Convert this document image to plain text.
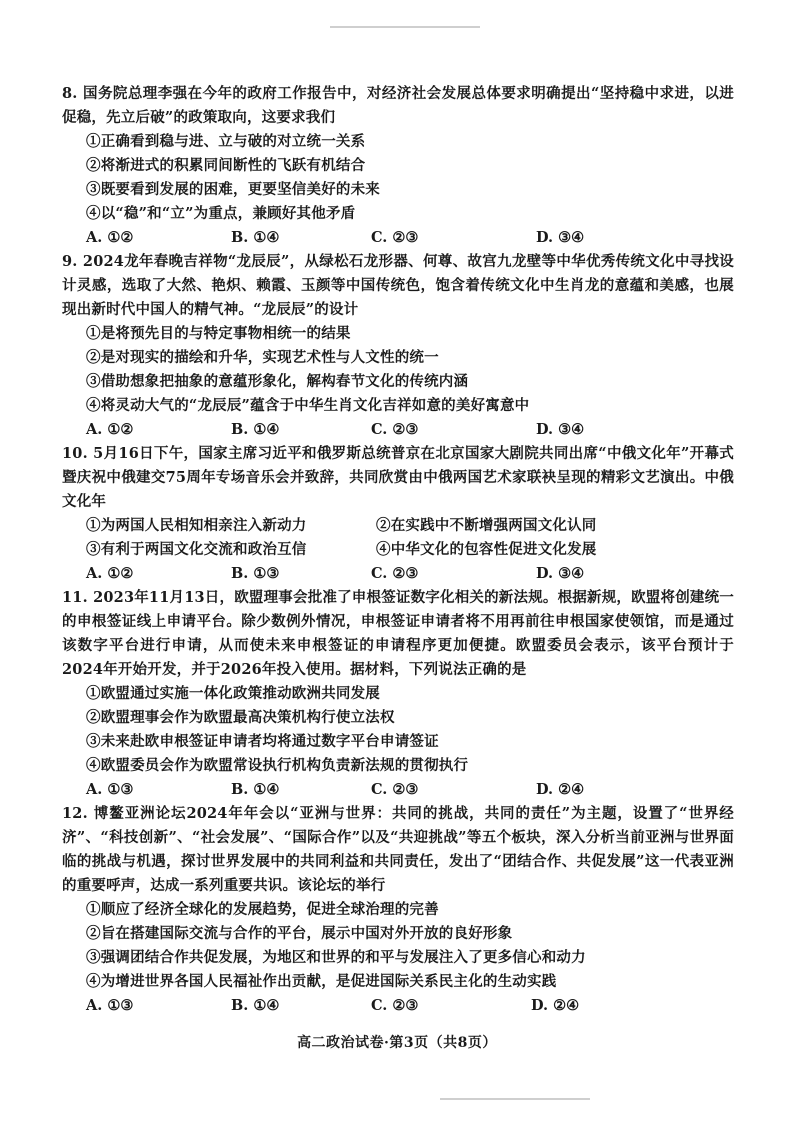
8. 国务院总理李强在今年的政府工作报告中，对经济社会发展总体要求明确提出“坚持稳中求进，以进促稳，先立后破”的政策取向，这要求我们

①正确看到稳与进、立与破的对立统一关系

②将渐进式的积累同间断性的飞跃有机结合

③既要看到发展的困难，更要坚信美好的未来

④以“稳”和“立”为重点，兼顾好其他矛盾

A. ①②	B. ①④	C. ②③	D. ③④

9. 2024龙年春晚吉祥物“龙辰辰”，从绿松石龙形器、何尊、故宫九龙壁等中华优秀传统文化中寻找设计灵感，选取了大然、艳炽、赖霞、玉颜等中国传统色，饱含着传统文化中生肖龙的意蕴和美感，也展现出新时代中国人的精气神。“龙辰辰”的设计

①是将预先目的与特定事物相统一的结果

②是对现实的描绘和升华，实现艺术性与人文性的统一

③借助想象把抽象的意蕴形象化，解构春节文化的传统内涵

④将灵动大气的“龙辰辰”蕴含于中华生肖文化吉祥如意的美好寓意中

A. ①②	B. ①④	C. ②③	D. ③④

10. 5月16日下午，国家主席习近平和俄罗斯总统普京在北京国家大剧院共同出席“中俄文化年”开幕式暨庆祝中俄建交75周年专场音乐会并致辞，共同欣赏由中俄两国艺术家联袂呈现的精彩文艺演出。中俄文化年

①为两国人民相知相亲注入新动力	②在实践中不断增强两国文化认同

③有利于两国文化交流和政治互信	④中华文化的包容性促进文化发展

A. ①②	B. ①③	C. ②③	D. ③④

11. 2023年11月13日，欧盟理事会批准了申根签证数字化相关的新法规。根据新规，欧盟将创建统一的申根签证线上申请平台。除少数例外情况，申根签证申请者将不用再前往申根国家使领馆，而是通过该数字平台进行申请，从而使未来申根签证的申请程序更加便捷。欧盟委员会表示，该平台预计于2024年开始开发，并于2026年投入使用。据材料，下列说法正确的是

①欧盟通过实施一体化政策推动欧洲共同发展

②欧盟理事会作为欧盟最高决策机构行使立法权

③未来赴欧申根签证申请者均将通过数字平台申请签证

④欧盟委员会作为欧盟常设执行机构负责新法规的贯彻执行

A. ①③	B. ①④	C. ②③	D. ②④

12. 博鳌亚洲论坛2024年年会以“亚洲与世界：共同的挑战，共同的责任”为主题，设置了“世界经济”、“科技创新”、“社会发展”、“国际合作”以及“共迎挑战”等五个板块，深入分析当前亚洲与世界面临的挑战与机遇，探讨世界发展中的共同利益和共同责任，发出了“团结合作、共促发展”这一代表亚洲的重要呼声，达成一系列重要共识。该论坛的举行

①顺应了经济全球化的发展趋势，促进全球治理的完善

②旨在搭建国际交流与合作的平台，展示中国对外开放的良好形象

③强调团结合作共促发展，为地区和世界的和平与发展注入了更多信心和动力

④为增进世界各国人民福祉作出贡献，是促进国际关系民主化的生动实践

A. ①③	B. ①④	C. ②③	D. ②④
高二政治试卷·第3页（共8页）
